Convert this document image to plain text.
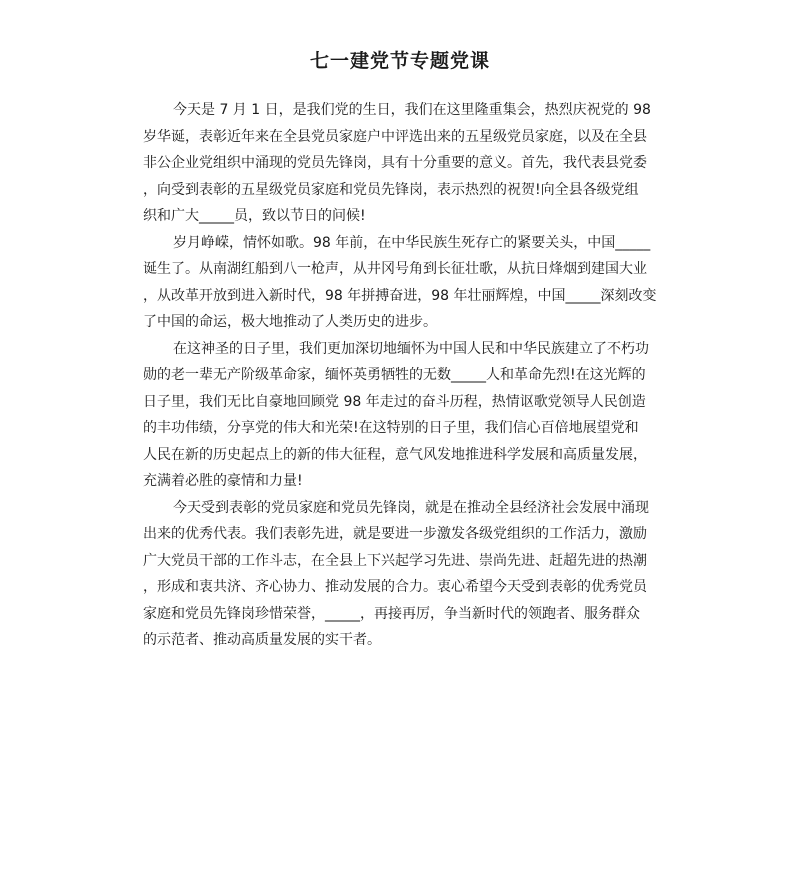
七一建党节专题党课
今天是 7 月 1 日，是我们党的生日，我们在这里隆重集会，热烈庆祝党的 98
岁华诞，表彰近年来在全县党员家庭户中评选出来的五星级党员家庭，以及在全县
非公企业党组织中涌现的党员先锋岗，具有十分重要的意义。首先，我代表县党委
，向受到表彰的五星级党员家庭和党员先锋岗，表示热烈的祝贺!向全县各级党组
织和广大_____员，致以节日的问候!
岁月峥嵘，情怀如歌。98 年前，在中华民族生死存亡的紧要关头，中国_____
诞生了。从南湖红船到八一枪声，从井冈号角到长征壮歌，从抗日烽烟到建国大业
，从改革开放到进入新时代，98 年拼搏奋进，98 年壮丽辉煌，中国_____深刻改变
了中国的命运，极大地推动了人类历史的进步。
在这神圣的日子里，我们更加深切地缅怀为中国人民和中华民族建立了不朽功
勋的老一辈无产阶级革命家，缅怀英勇牺牲的无数_____人和革命先烈!在这光辉的
日子里，我们无比自豪地回顾党 98 年走过的奋斗历程，热情讴歌党领导人民创造
的丰功伟绩，分享党的伟大和光荣!在这特别的日子里，我们信心百倍地展望党和
人民在新的历史起点上的新的伟大征程，意气风发地推进科学发展和高质量发展，
充满着必胜的豪情和力量!
今天受到表彰的党员家庭和党员先锋岗，就是在推动全县经济社会发展中涌现
出来的优秀代表。我们表彰先进，就是要进一步激发各级党组织的工作活力，激励
广大党员干部的工作斗志，在全县上下兴起学习先进、崇尚先进、赶超先进的热潮
，形成和衷共济、齐心协力、推动发展的合力。衷心希望今天受到表彰的优秀党员
家庭和党员先锋岗珍惜荣誉，_____，再接再厉，争当新时代的领跑者、服务群众
的示范者、推动高质量发展的实干者。
